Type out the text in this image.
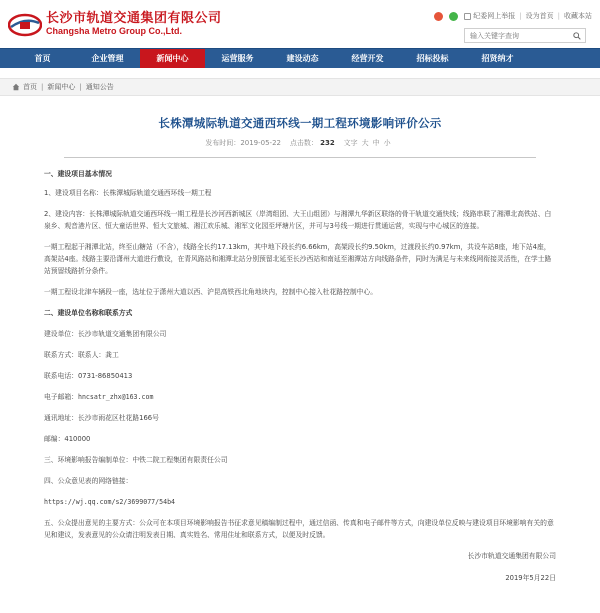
长沙市轨道交通集团有限公司
Changsha Metro Group Co.,Ltd.
纪委网上举报 | 设为首页 | 收藏本站
输入关键字查询
首页	企业管理	新闻中心	运营服务	建设动态	经营开发	招标投标	招贤纳才
首页 | 新闻中心 | 通知公告
长株潭城际轨道交通西环线一期工程环境影响评价公示
发布时间：2019-05-22 点击数： 232 文字 大中小
一、建设项目基本情况
1、建设项目名称：长株潭城际轨道交通西环线一期工程
2、建设内容：长株潭城际轨道交通西环线一期工程是长沙河西新城区（岸湾组团、大王山组团）与湘潭九华新区联络的骨干轨道交通快线；线路串联了湘潭北高铁站、白泉乡、观音港片区、恒大童话世界、恒大文旅城、湘江欢乐城、湘军文化园至坪塘片区，并可与3号线一期进行贯通运营，实现与中心城区的连接。
一期工程起于湘潭北站，终至山糖站（不含），线路全长约17.13km，其中地下段长约6.66km，高架段长约9.50km，过渡段长约0.97km，共设车站8座，地下站4座，高架站4座。线路主要沿潇州大道进行敷设，在青风路站和湘潭北站分别预留北延至长沙西站和南延至湘潭站方向线路条件，同时为满足与未来线网衔接灵活性，在学士路站预留线路折分条件。
一期工程设北津车辆段一座，选址位于潇州大道以西、沪昆高铁西北角地块内，控制中心接入杜花路控制中心。
二、建设单位名称和联系方式
建设单位：长沙市轨道交通集团有限公司
联系方式：联系人：龚工
联系电话：0731-86850413
电子邮箱：hncsatr_zhx@163.com
通讯地址：长沙市雨花区杜花路166号
邮编：410000
三、环境影响报告编制单位：中铁二院工程集团有限责任公司
四、公众意见表的网络链接：
https://wj.qq.com/s2/3699077/54b4
五、公众提出意见的主要方式：公众可在本项目环境影响报告书征求意见稿编制过程中，通过信函、传真和电子邮件等方式，向建设单位反映与建设项目环境影响有关的意见和建议，发表意见的公众请注明发表日期、真实姓名、常用住址和联系方式，以便及时反馈。
长沙市轨道交通集团有限公司
2019年5月22日
